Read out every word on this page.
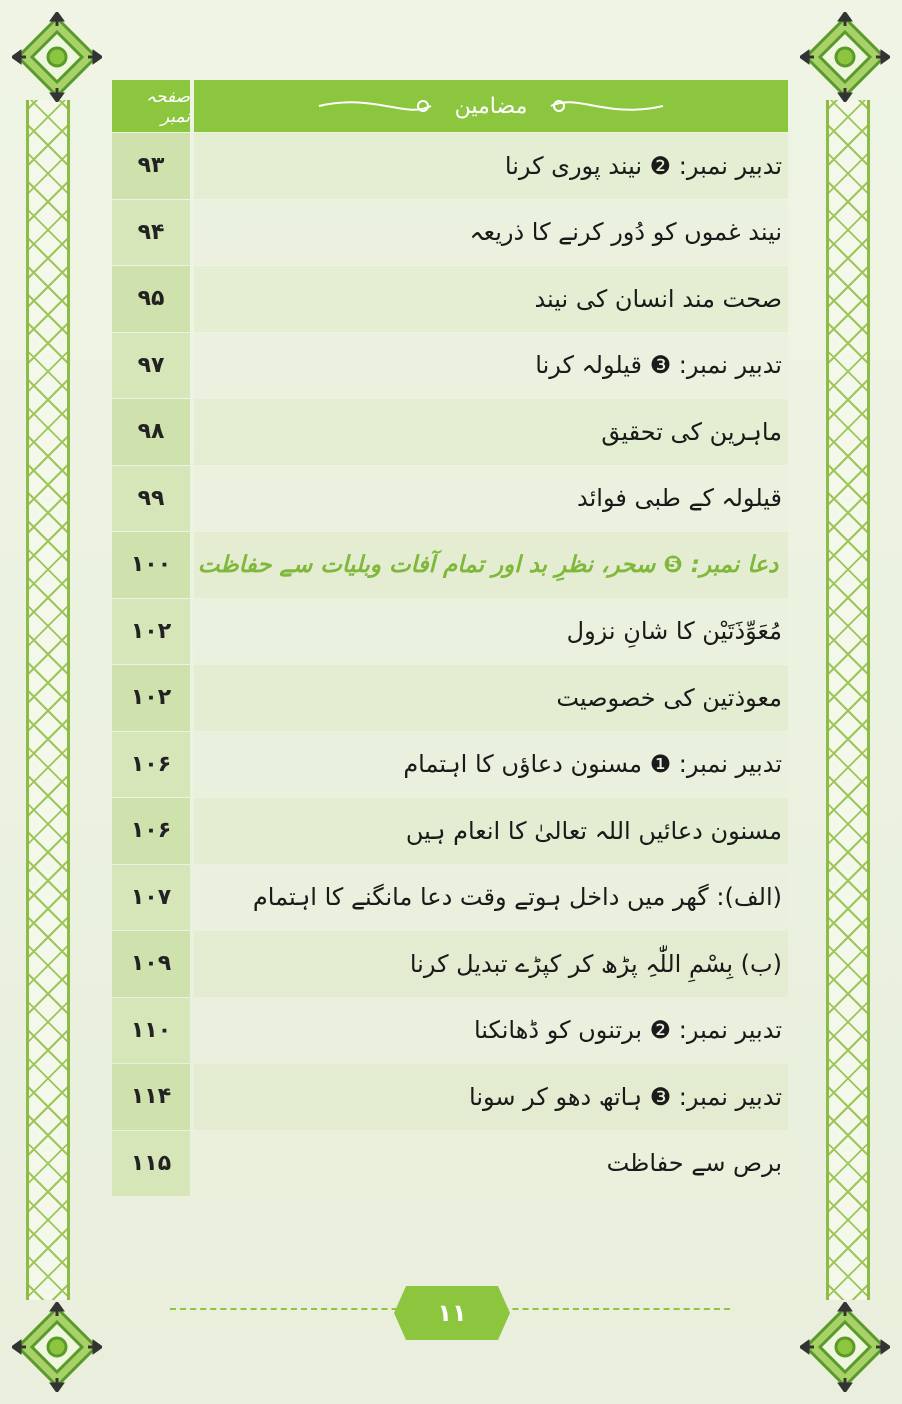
صفحہ نمبر	مضامین
۹۳	تدبیر نمبر: ❷ نیند پوری کرنا
۹۴	نیند غموں کو دُور کرنے کا ذریعہ
۹۵	صحت مند انسان کی نیند
۹۷	تدبیر نمبر: ❸ قیلولہ کرنا
۹۸	ماہرین کی تحقیق
۹۹	قیلولہ کے طبی فوائد
۱۰۰	دعا نمبر: ❺ سحر، نظرِ بد اور تمام آفات وبلیات سے حفاظت
۱۰۲	مُعَوِّذَتَیْن کا شانِ نزول
۱۰۲	معوذتین کی خصوصیت
۱۰۶	تدبیر نمبر: ❶ مسنون دعاؤں کا اہتمام
۱۰۶	مسنون دعائیں اللہ تعالیٰ کا انعام ہیں
۱۰۷	(الف): گھر میں داخل ہوتے وقت دعا مانگنے کا اہتمام
۱۰۹	(ب) بِسْمِ اللّٰہِ پڑھ کر کپڑے تبدیل کرنا
۱۱۰	تدبیر نمبر: ❷ برتنوں کو ڈھانکنا
۱۱۴	تدبیر نمبر: ❸ ہاتھ دھو کر سونا
۱۱۵	برص سے حفاظت
۱۱
